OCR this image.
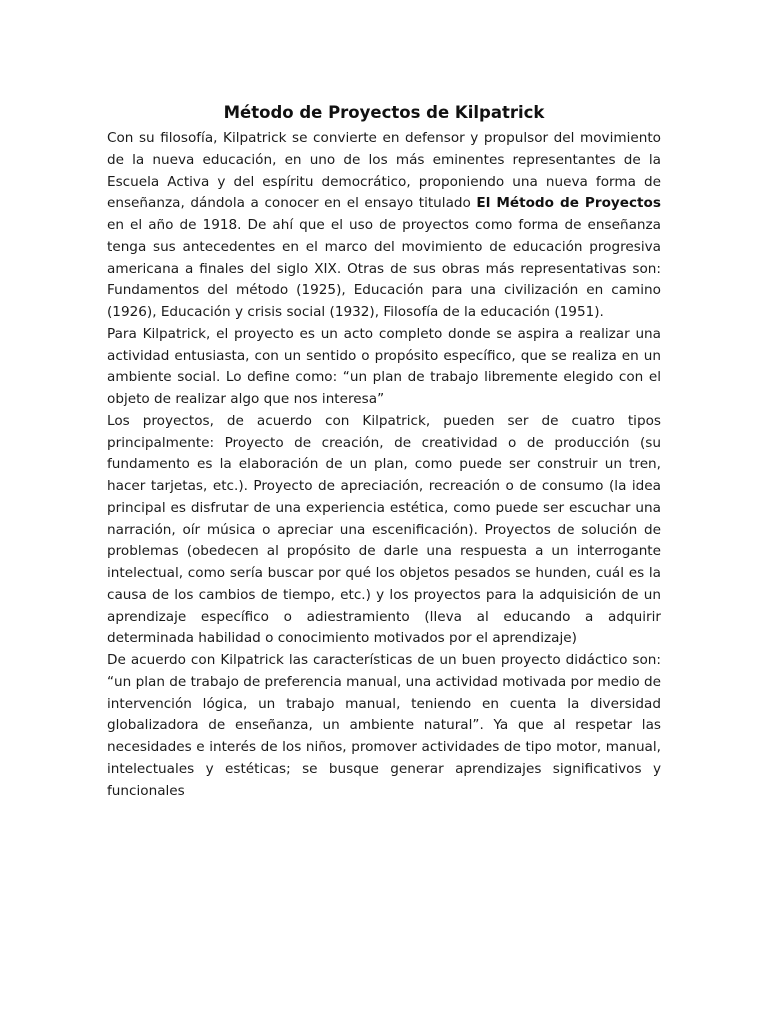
Método de Proyectos de Kilpatrick

Con su filosofía, Kilpatrick se convierte en defensor y propulsor del movimiento de la nueva educación, en uno de los más eminentes representantes de la Escuela Activa y del espíritu democrático, proponiendo una nueva forma de enseñanza, dándola a conocer en el ensayo titulado El Método de Proyectos en el año de 1918. De ahí que el uso de proyectos como forma de enseñanza tenga sus antecedentes en el marco del movimiento de educación progresiva americana a finales del siglo XIX. Otras de sus obras más representativas son: Fundamentos del método (1925), Educación para una civilización en camino (1926), Educación y crisis social (1932), Filosofía de la educación (1951).

Para Kilpatrick, el proyecto es un acto completo donde se aspira a realizar una actividad entusiasta, con un sentido o propósito específico, que se realiza en un ambiente social. Lo define como: “un plan de trabajo libremente elegido con el objeto de realizar algo que nos interesa”

Los proyectos, de acuerdo con Kilpatrick, pueden ser de cuatro tipos principalmente: Proyecto de creación, de creatividad o de producción (su fundamento es la elaboración de un plan, como puede ser construir un tren, hacer tarjetas, etc.). Proyecto de apreciación, recreación o de consumo (la idea principal es disfrutar de una experiencia estética, como puede ser escuchar una narración, oír música o apreciar una escenificación). Proyectos de solución de problemas (obedecen al propósito de darle una respuesta a un interrogante intelectual, como sería buscar por qué los objetos pesados se hunden, cuál es la causa de los cambios de tiempo, etc.) y los proyectos para la adquisición de un aprendizaje específico o adiestramiento (lleva al educando a adquirir determinada habilidad o conocimiento motivados por el aprendizaje)

De acuerdo con Kilpatrick las características de un buen proyecto didáctico son: “un plan de trabajo de preferencia manual, una actividad motivada por medio de intervención lógica, un trabajo manual, teniendo en cuenta la diversidad globalizadora de enseñanza, un ambiente natural”. Ya que al respetar las necesidades e interés de los niños, promover actividades de tipo motor, manual, intelectuales y estéticas; se busque generar aprendizajes significativos y funcionales
